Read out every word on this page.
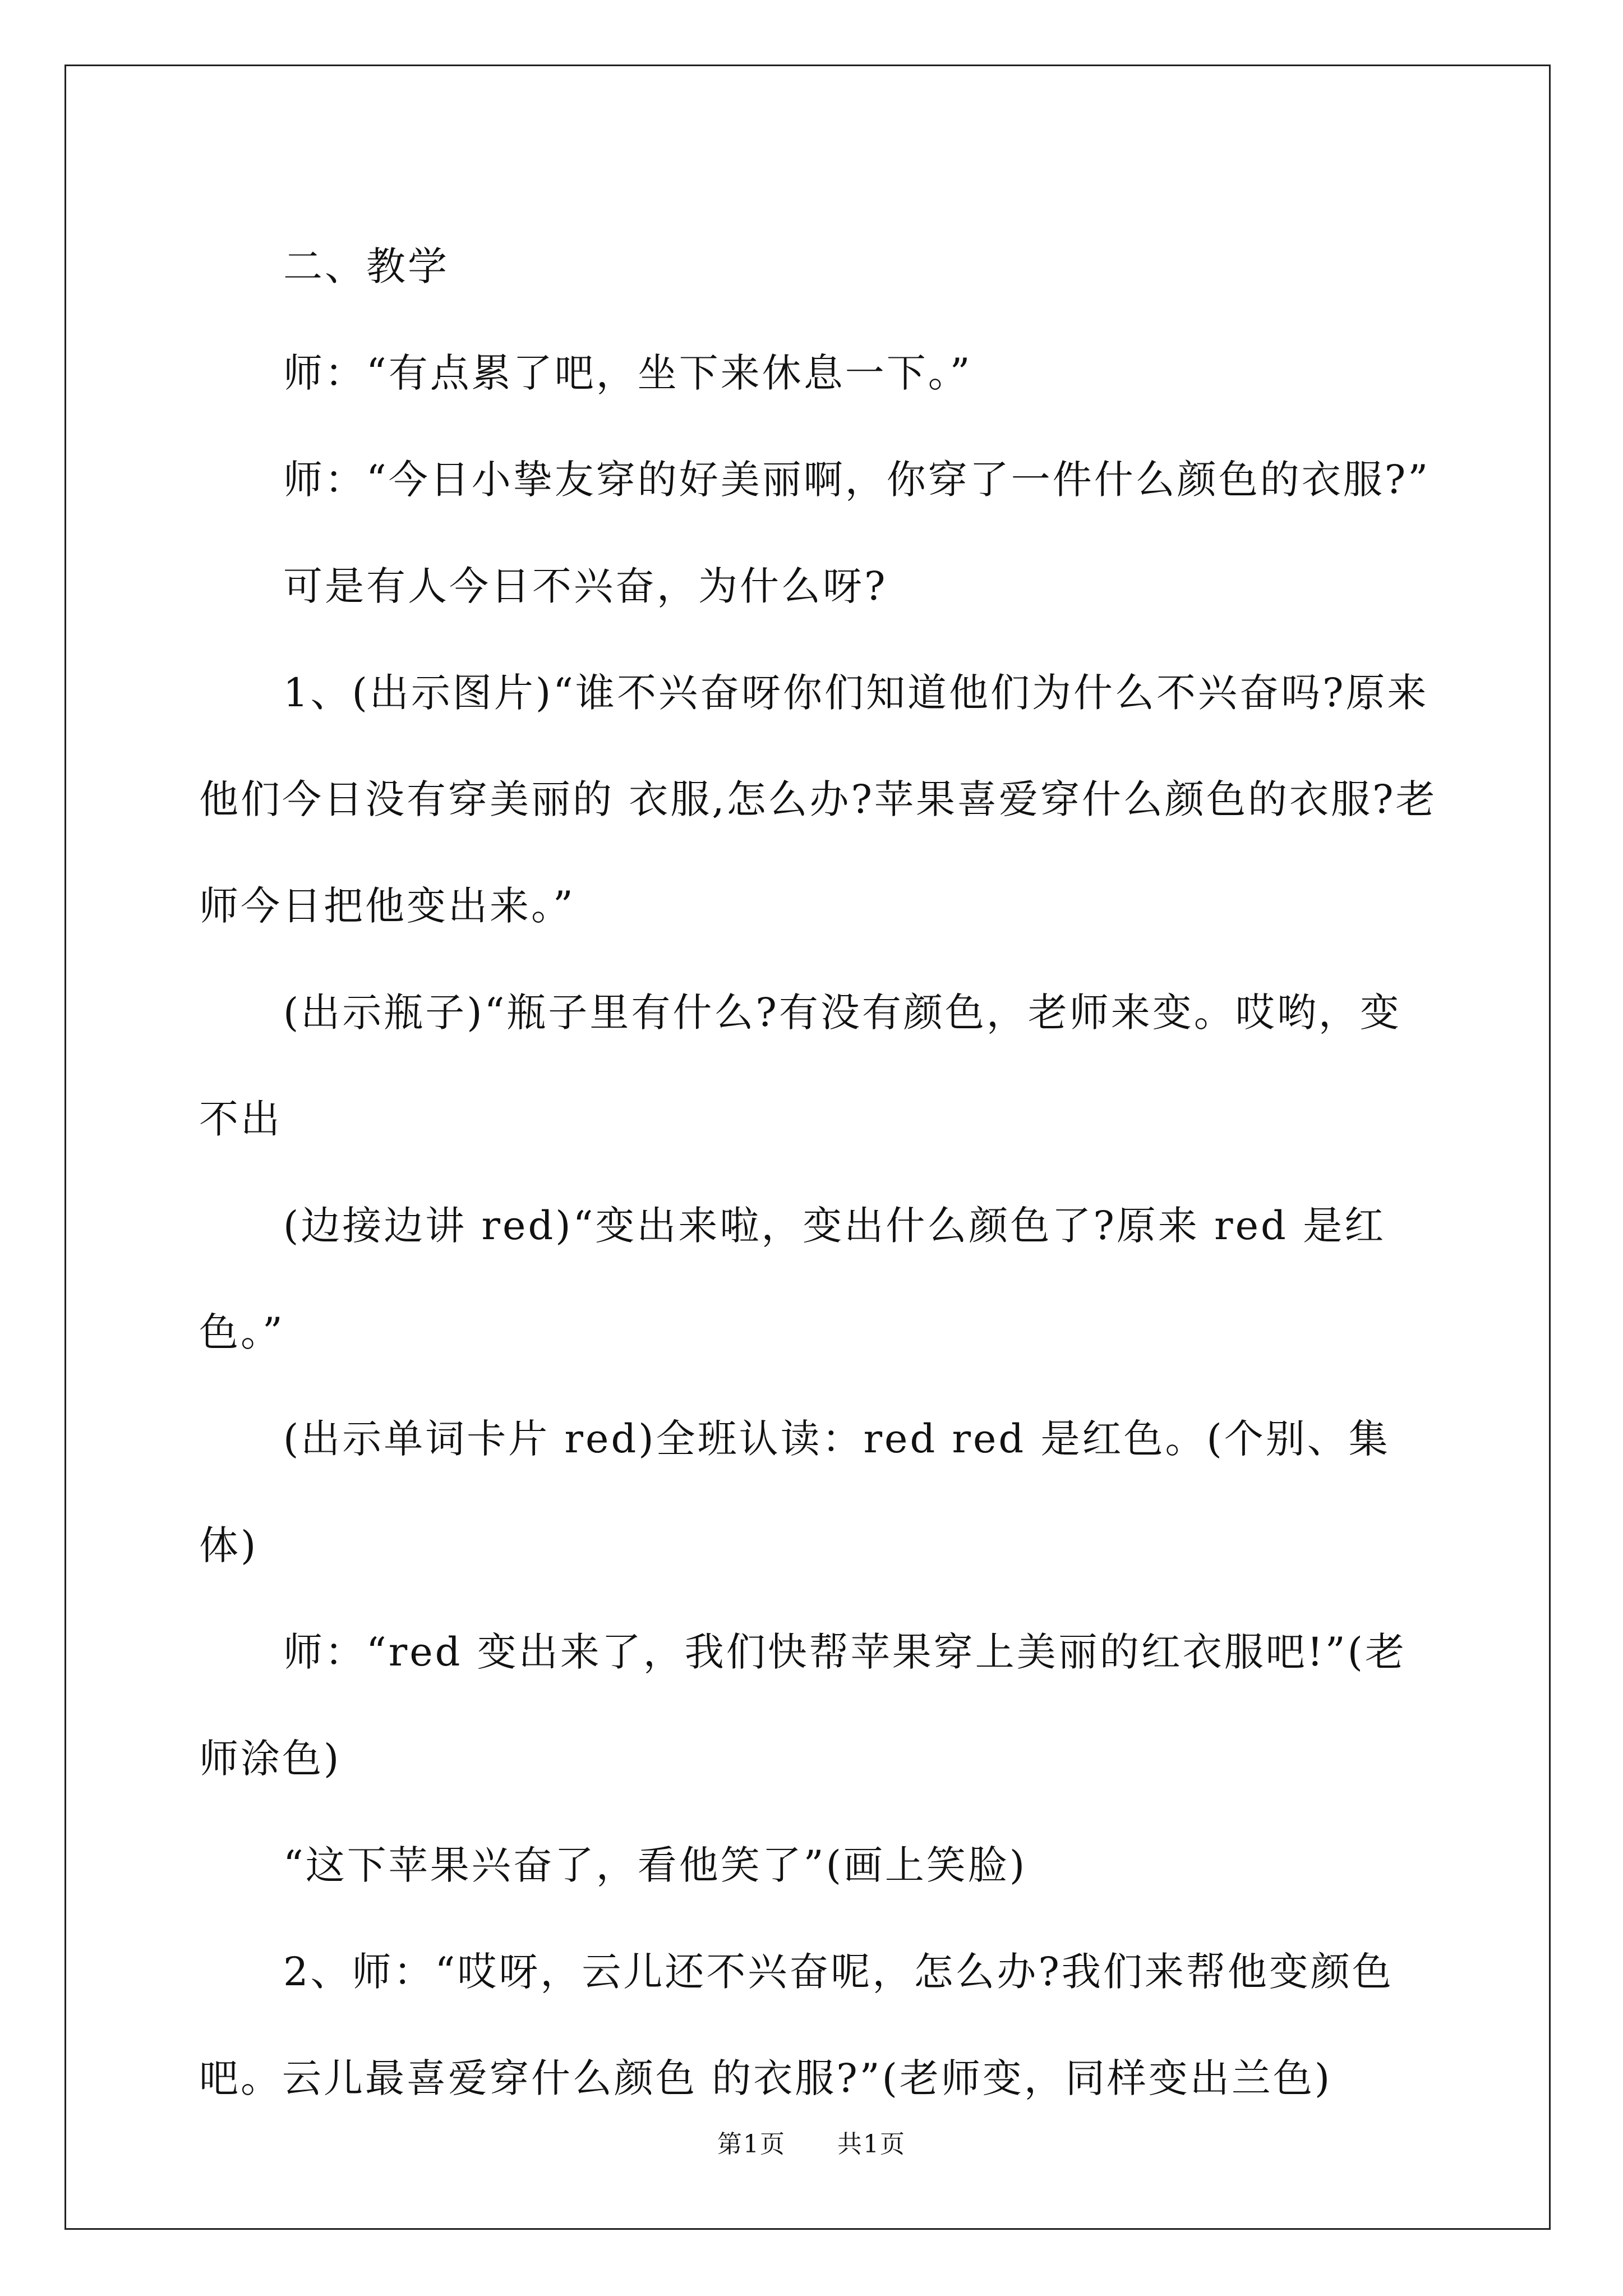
二、教学

师：“有点累了吧，坐下来休息一下。”

师：“今日小挚友穿的好美丽啊，你穿了一件什么颜色的衣服?”

可是有人今日不兴奋，为什么呀?

1、(出示图片)“谁不兴奋呀你们知道他们为什么不兴奋吗?原来他们今日没有穿美丽的 衣服,怎么办?苹果喜爱穿什么颜色的衣服?老师今日把他变出来。”

(出示瓶子)“瓶子里有什么?有没有颜色，老师来变。哎哟，变不出

(边接边讲 red)“变出来啦，变出什么颜色了?原来 red 是红色。”

(出示单词卡片 red)全班认读：red red 是红色。(个别、集体)

师：“red 变出来了，我们快帮苹果穿上美丽的红衣服吧!”(老师涂色)

“这下苹果兴奋了，看他笑了”(画上笑脸)

2、师：“哎呀，云儿还不兴奋呢，怎么办?我们来帮他变颜色吧。云儿最喜爱穿什么颜色 的衣服?”(老师变，同样变出兰色)

第1页 共1页
